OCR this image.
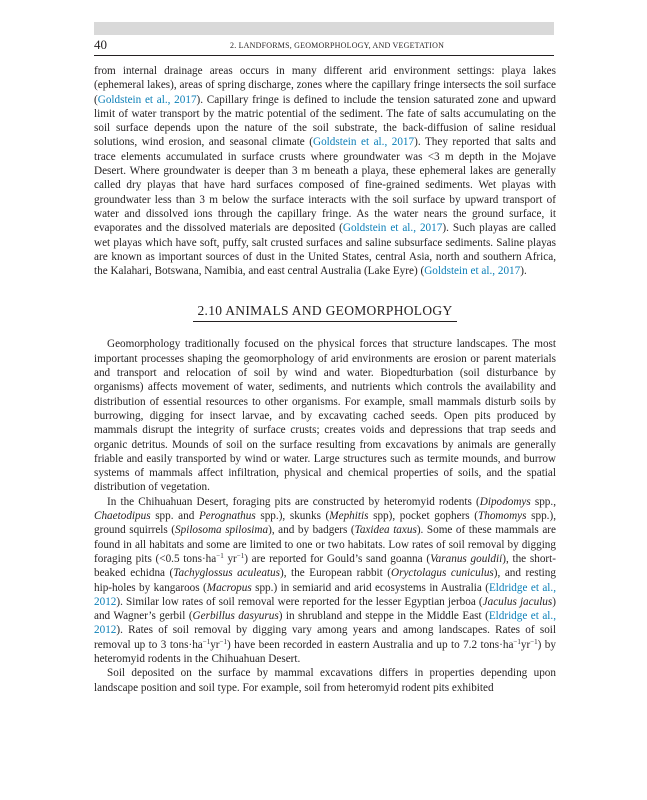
40	2. LANDFORMS, GEOMORPHOLOGY, AND VEGETATION

from internal drainage areas occurs in many different arid environment settings: playa lakes (ephemeral lakes), areas of spring discharge, zones where the capillary fringe intersects the soil surface (Goldstein et al., 2017). Capillary fringe is defined to include the tension saturated zone and upward limit of water transport by the matric potential of the sediment. The fate of salts accumulating on the soil surface depends upon the nature of the soil substrate, the back-diffusion of saline residual solutions, wind erosion, and seasonal climate (Goldstein et al., 2017). They reported that salts and trace elements accumulated in surface crusts where groundwater was <3 m depth in the Mojave Desert. Where groundwater is deeper than 3 m beneath a playa, these ephemeral lakes are generally called dry playas that have hard surfaces composed of fine-grained sediments. Wet playas with groundwater less than 3 m below the surface interacts with the soil surface by upward transport of water and dissolved ions through the capillary fringe. As the water nears the ground surface, it evaporates and the dissolved materials are deposited (Goldstein et al., 2017). Such playas are called wet playas which have soft, puffy, salt crusted surfaces and saline subsurface sediments. Saline playas are known as important sources of dust in the United States, central Asia, north and southern Africa, the Kalahari, Botswana, Namibia, and east central Australia (Lake Eyre) (Goldstein et al., 2017).

2.10 ANIMALS AND GEOMORPHOLOGY

Geomorphology traditionally focused on the physical forces that structure landscapes. The most important processes shaping the geomorphology of arid environments are erosion or parent materials and transport and relocation of soil by wind and water. Biopedturbation (soil disturbance by organisms) affects movement of water, sediments, and nutrients which controls the availability and distribution of essential resources to other organisms. For example, small mammals disturb soils by burrowing, digging for insect larvae, and by excavating cached seeds. Open pits produced by mammals disrupt the integrity of surface crusts; creates voids and depressions that trap seeds and organic detritus. Mounds of soil on the surface resulting from excavations by animals are generally friable and easily transported by wind or water. Large structures such as termite mounds, and burrow systems of mammals affect infiltration, physical and chemical properties of soils, and the spatial distribution of vegetation.

In the Chihuahuan Desert, foraging pits are constructed by heteromyid rodents (Dipodomys spp., Chaetodipus spp. and Perognathus spp.), skunks (Mephitis spp), pocket gophers (Thomomys spp.), ground squirrels (Spilosoma spilosima), and by badgers (Taxidea taxus). Some of these mammals are found in all habitats and some are limited to one or two habitats. Low rates of soil removal by digging foraging pits (<0.5 $tons\cdot ha^{-1}$ $yr^{-1}$) are reported for Gould’s sand goanna (Varanus gouldii), the short-beaked echidna (Tachyglossus aculeatus), the European rabbit (Oryctolagus cuniculus), and resting hip-holes by kangaroos (Macropus spp.) in semiarid and arid ecosystems in Australia (Eldridge et al., 2012). Similar low rates of soil removal were reported for the lesser Egyptian jerboa (Jaculus jaculus) and Wagner’s gerbil (Gerbillus dasyurus) in shrubland and steppe in the Middle East (Eldridge et al., 2012). Rates of soil removal by digging vary among years and among landscapes. Rates of soil removal up to 3 $tons\cdot ha^{-1}yr^{-1}$) have been recorded in eastern Australia and up to 7.2 $tons\cdot ha^{-1}yr^{-1}$) by heteromyid rodents in the Chihuahuan Desert.

Soil deposited on the surface by mammal excavations differs in properties depending upon landscape position and soil type. For example, soil from heteromyid rodent pits exhibited
